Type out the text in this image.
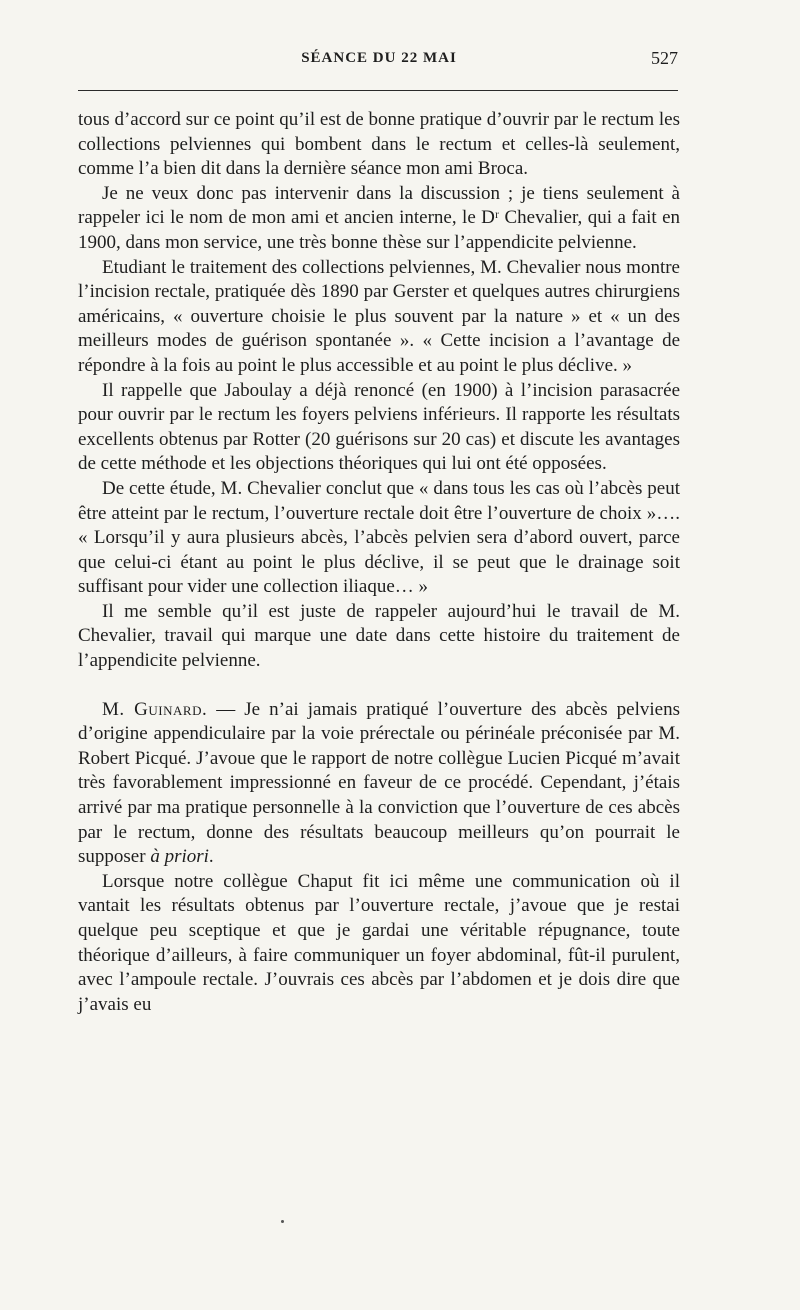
SÉANCE DU 22 MAI	527

tous d’accord sur ce point qu’il est de bonne pratique d’ouvrir par le rectum les collections pelviennes qui bombent dans le rectum et celles-là seulement, comme l’a bien dit dans la dernière séance mon ami Broca.

Je ne veux donc pas intervenir dans la discussion ; je tiens seulement à rappeler ici le nom de mon ami et ancien interne, le Dʳ Chevalier, qui a fait en 1900, dans mon service, une très bonne thèse sur l’appendicite pelvienne.

Etudiant le traitement des collections pelviennes, M. Chevalier nous montre l’incision rectale, pratiquée dès 1890 par Gerster et quelques autres chirurgiens américains, « ouverture choisie le plus souvent par la nature » et « un des meilleurs modes de guérison spontanée ». « Cette incision a l’avantage de répondre à la fois au point le plus accessible et au point le plus déclive. »

Il rappelle que Jaboulay a déjà renoncé (en 1900) à l’incision parasacrée pour ouvrir par le rectum les foyers pelviens inférieurs. Il rapporte les résultats excellents obtenus par Rotter (20 guérisons sur 20 cas) et discute les avantages de cette méthode et les objections théoriques qui lui ont été opposées.

De cette étude, M. Chevalier conclut que « dans tous les cas où l’abcès peut être atteint par le rectum, l’ouverture rectale doit être l’ouverture de choix »…. « Lorsqu’il y aura plusieurs abcès, l’abcès pelvien sera d’abord ouvert, parce que celui-ci étant au point le plus déclive, il se peut que le drainage soit suffisant pour vider une collection iliaque… »

Il me semble qu’il est juste de rappeler aujourd’hui le travail de M. Chevalier, travail qui marque une date dans cette histoire du traitement de l’appendicite pelvienne.

M. Guinard. — Je n’ai jamais pratiqué l’ouverture des abcès pelviens d’origine appendiculaire par la voie prérectale ou périnéale préconisée par M. Robert Picqué. J’avoue que le rapport de notre collègue Lucien Picqué m’avait très favorablement impressionné en faveur de ce procédé. Cependant, j’étais arrivé par ma pratique personnelle à la conviction que l’ouverture de ces abcès par le rectum, donne des résultats beaucoup meilleurs qu’on pourrait le supposer à priori.

Lorsque notre collègue Chaput fit ici même une communication où il vantait les résultats obtenus par l’ouverture rectale, j’avoue que je restai quelque peu sceptique et que je gardai une véritable répugnance, toute théorique d’ailleurs, à faire communiquer un foyer abdominal, fût-il purulent, avec l’ampoule rectale. J’ouvrais ces abcès par l’abdomen et je dois dire que j’avais eu
